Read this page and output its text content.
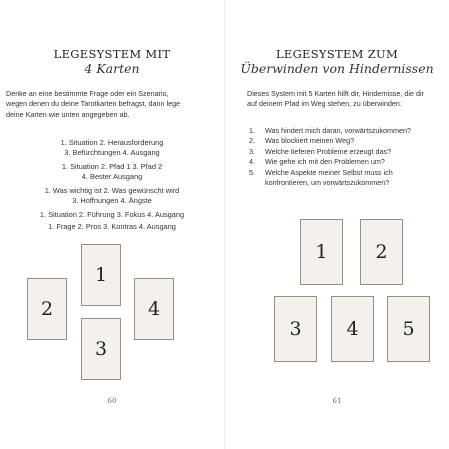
LEGESYSTEM MIT
4 Karten
Denke an eine bestimmte Frage oder ein Szenario,
wegen denen du deine Tarotkarten befragst, dann lege
deine Karten wie unten angegeben ab.
1. Situation 2. Herausforderung
3. Befürchtungen 4. Ausgang
1. Situation 2. Pfad 1 3. Pfad 2
4. Bester Ausgang
1. Was wichtig ist 2. Was gewünscht wird
3. Hoffnungen 4. Ängste
1. Situation 2. Führung 3. Fokus 4. Ausgang
1. Frage 2. Pros 3. Kontras 4. Ausgang
1
2
3
4
60
LEGESYSTEM ZUM
Überwinden von Hindernissen
Dieses System mit 5 Karten hilft dir, Hindernisse, die dir
auf deinem Pfad im Weg stehen, zu überwinden.
1. Was hindert mich daran, vorwärtszukommen?
2. Was blockiert meinen Weg?
3. Welche tieferen Probleme erzeugt das?
4. Wie gehe ich mit den Problemen um?
5. Welche Aspekte meiner Selbst muss ich
konfrontieren, um vorwärtszukommen?
1	2
3	4	5
61
